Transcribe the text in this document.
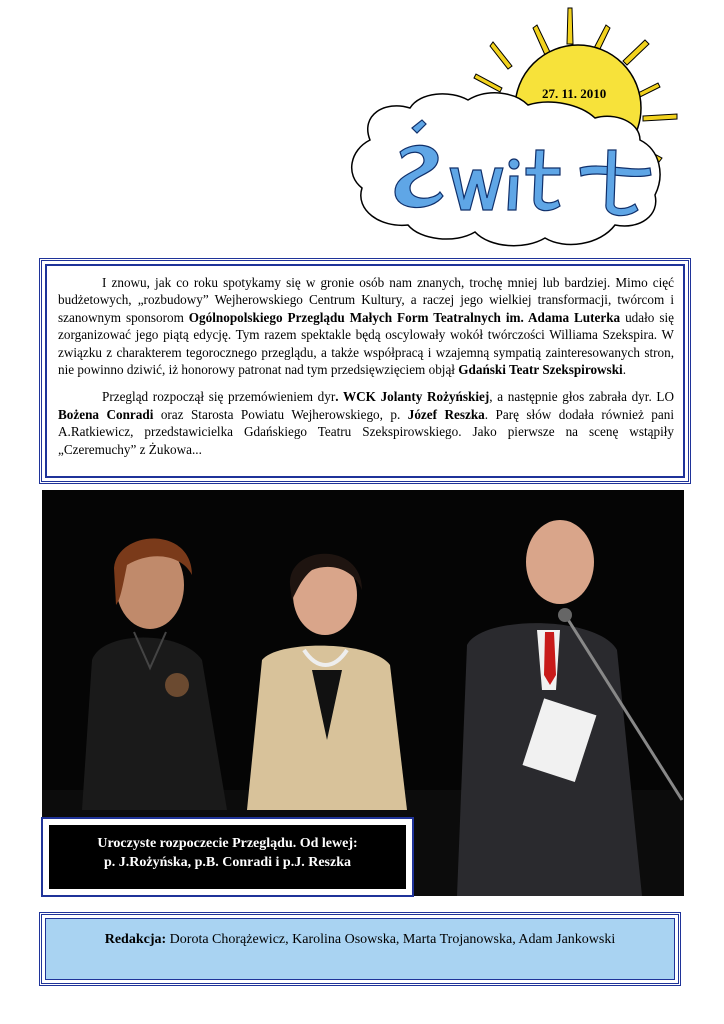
27. 11. 2010

I znowu, jak co roku spotykamy się w gronie osób nam znanych, trochę mniej lub bardziej. Mimo cięć budżetowych, „rozbudowy” Wejherowskiego Centrum Kultury, a raczej jego wielkiej transformacji, twórcom i szanownym sponsorom Ogólnopolskiego Przeglądu Małych Form Teatralnych im. Adama Luterka udało się zorganizować jego piątą edycję. Tym razem spektakle będą oscylowały wokół twórczości Williama Szekspira. W związku z charakterem tegorocznego przeglądu, a także współpracą i wzajemną sympatią zainteresowanych stron, nie powinno dziwić, iż honorowy patronat nad tym przedsięwzięciem objął Gdański Teatr Szekspirowski.

Przegląd rozpoczął się przemówieniem dyr. WCK Jolanty Rożyńskiej, a następnie głos zabrała dyr. LO Bożena Conradi oraz Starosta Powiatu Wejherowskiego, p. Józef Reszka. Parę słów dodała również pani A.Ratkiewicz, przedstawicielka Gdańskiego Teatru Szekspirowskiego. Jako pierwsze na scenę wstąpiły „Czeremuchy” z Żukowa...

Uroczyste rozpoczecie Przeglądu. Od lewej:
p. J.Rożyńska, p.B. Conradi i p.J. Reszka
Redakcja: Dorota Chorążewicz, Karolina Osowska, Marta Trojanowska, Adam Jankowski
